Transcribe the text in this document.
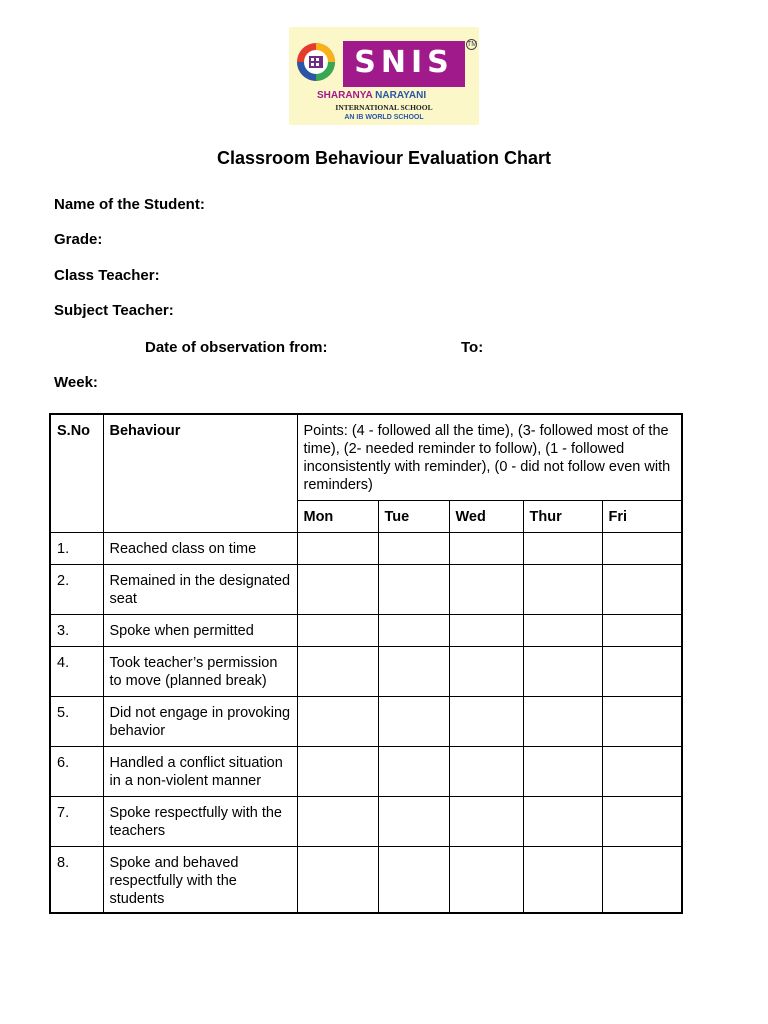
SNIS
TM
SHARANYA NARAYANI
INTERNATIONAL SCHOOL
AN IB WORLD SCHOOL
Classroom Behaviour Evaluation Chart
Name of the Student:
Grade:
Class Teacher:
Subject Teacher:
Date of observation from:	To:
Week:
S.No	Behaviour	Points: (4 - followed all the time), (3- followed most of the time), (2- needed reminder to follow), (1 - followed inconsistently with reminder), (0 - did not follow even with reminders)				
		Mon	Tue	Wed	Thur	Fri
1.	Reached class on time					
2.	Remained in the designated seat					
3.	Spoke when permitted					
4.	Took teacher’s permission to move (planned break)					
5.	Did not engage in provoking behavior					
6.	Handled a conflict situation in a non-violent manner					
7.	Spoke respectfully with the teachers					
8.	Spoke and behaved respectfully with the students					
